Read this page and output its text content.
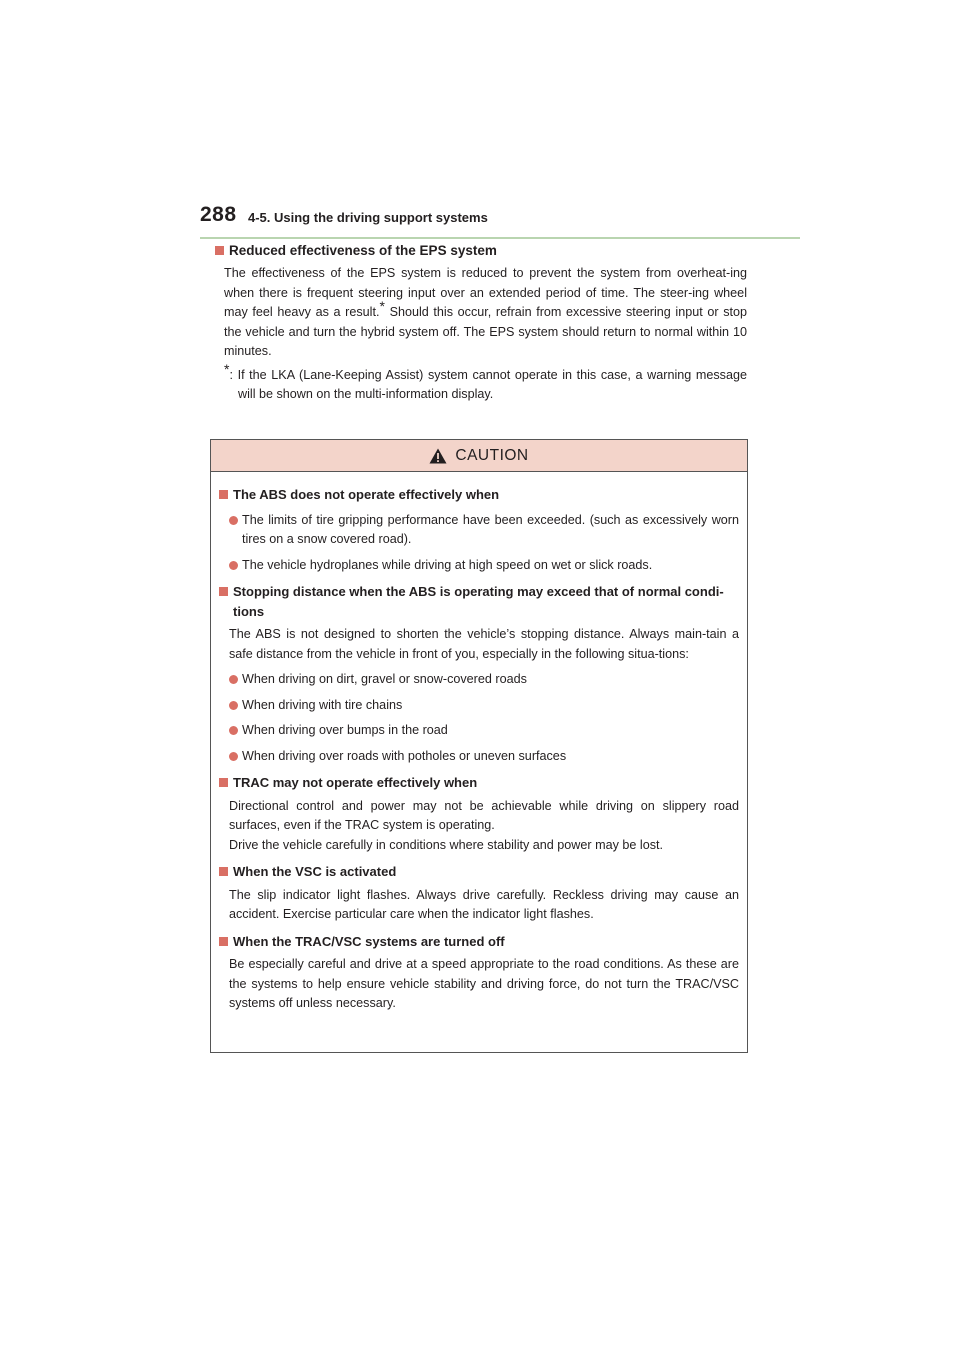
288 4-5. Using the driving support systems
Reduced effectiveness of the EPS system
The effectiveness of the EPS system is reduced to prevent the system from overheat-ing when there is frequent steering input over an extended period of time. The steer-ing wheel may feel heavy as a result.* Should this occur, refrain from excessive steering input or stop the vehicle and turn the hybrid system off. The EPS system should return to normal within 10 minutes.
*: If the LKA (Lane-Keeping Assist) system cannot operate in this case, a warning message will be shown on the multi-information display.
CAUTION
The ABS does not operate effectively when
The limits of tire gripping performance have been exceeded. (such as excessively worn tires on a snow covered road).
The vehicle hydroplanes while driving at high speed on wet or slick roads.
Stopping distance when the ABS is operating may exceed that of normal condi-tions
The ABS is not designed to shorten the vehicle’s stopping distance. Always main-tain a safe distance from the vehicle in front of you, especially in the following situa-tions:
When driving on dirt, gravel or snow-covered roads
When driving with tire chains
When driving over bumps in the road
When driving over roads with potholes or uneven surfaces
TRAC may not operate effectively when
Directional control and power may not be achievable while driving on slippery road surfaces, even if the TRAC system is operating.
Drive the vehicle carefully in conditions where stability and power may be lost.
When the VSC is activated
The slip indicator light flashes. Always drive carefully. Reckless driving may cause an accident. Exercise particular care when the indicator light flashes.
When the TRAC/VSC systems are turned off
Be especially careful and drive at a speed appropriate to the road conditions. As these are the systems to help ensure vehicle stability and driving force, do not turn the TRAC/VSC systems off unless necessary.
